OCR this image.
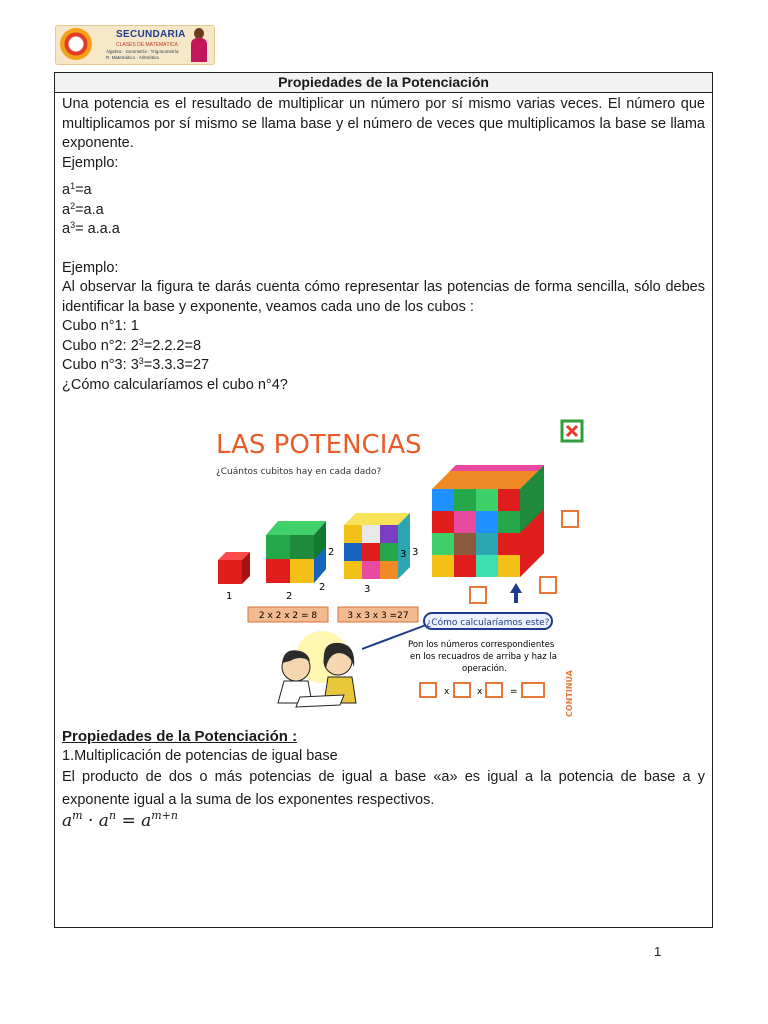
SECUNDARIA
CLASES DE MATEMÁTICA
Álgebra · Geometría · Trigonometría
R. Matemático · Aritmética
Propiedades de la Potenciación

Una potencia es el resultado de multiplicar un número por sí mismo varias veces. El número que multiplicamos por sí mismo se llama base y el número de veces que multiplicamos la base se llama exponente.

Ejemplo:

$a^1=a$

$a^2=a.a$

$a^3= a.a.a$

Ejemplo:

Al observar la figura te darás cuenta cómo representar las potencias de forma sencilla, sólo debes identificar la base y exponente, veamos cada uno de los cubos :

Cubo n°1: 1

Cubo n°2: $2^3=2.2.2=8$

Cubo n°3: $3^3=3.3.3=27$

¿Cómo calcularíamos el cubo n°4?

LAS POTENCIAS
¿Cuántos cubitos hay en cada dado?
1
2
2
2
3
3
3
2 x 2 x 2 = 8	3 x 3 x 3 =27
¿Cómo calcularíamos este?
Pon los números correspondientes
en los recuadros de arriba y haz la
operación.
x	x	=	CONTINÚA

Propiedades de la Potenciación :

1.Multiplicación de potencias de igual base

El producto de dos o más potencias de igual a base «a» es igual a la potencia de base a y exponente igual a la suma de los exponentes respectivos.

$a^m \cdot a^n = a^{m+n}$

1
